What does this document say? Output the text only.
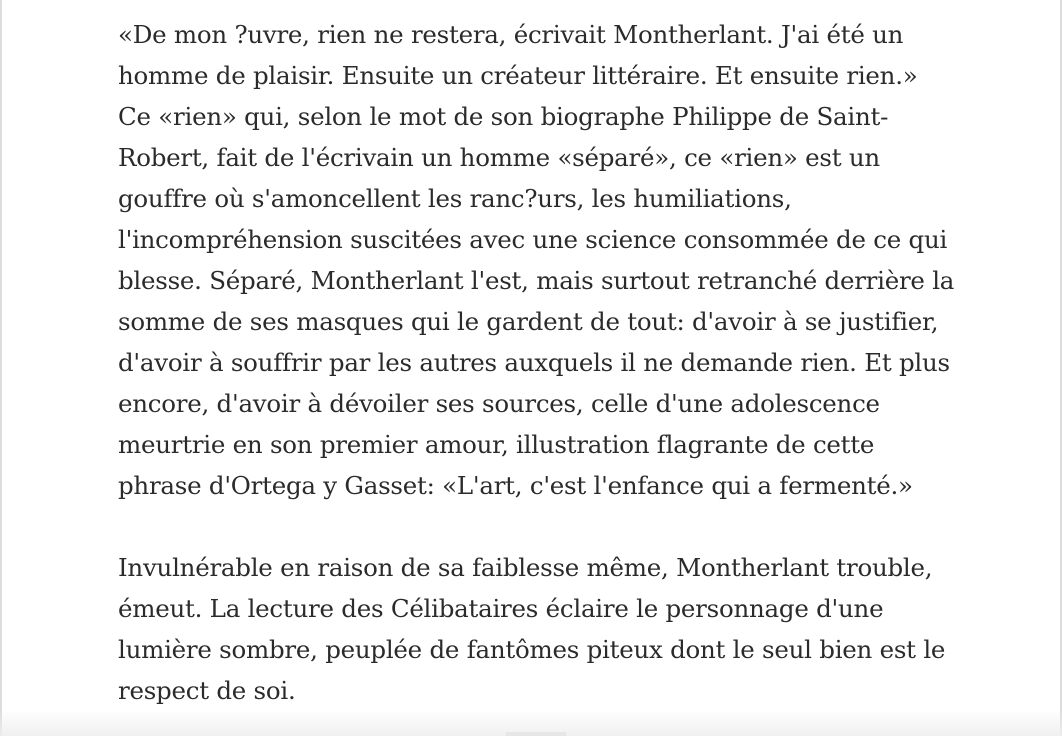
«De mon ?uvre, rien ne restera, écrivait Montherlant. J'ai été un
homme de plaisir. Ensuite un créateur littéraire. Et ensuite rien.»
Ce «rien» qui, selon le mot de son biographe Philippe de Saint-
Robert, fait de l'écrivain un homme «séparé», ce «rien» est un
gouffre où s'amoncellent les ranc?urs, les humiliations,
l'incompréhension suscitées avec une science consommée de ce qui
blesse. Séparé, Montherlant l'est, mais surtout retranché derrière la
somme de ses masques qui le gardent de tout: d'avoir à se justifier,
d'avoir à souffrir par les autres auxquels il ne demande rien. Et plus
encore, d'avoir à dévoiler ses sources, celle d'une adolescence
meurtrie en son premier amour, illustration flagrante de cette
phrase d'Ortega y Gasset: «L'art, c'est l'enfance qui a fermenté.»

Invulnérable en raison de sa faiblesse même, Montherlant trouble,
émeut. La lecture des Célibataires éclaire le personnage d'une
lumière sombre, peuplée de fantômes piteux dont le seul bien est le
respect de soi.
